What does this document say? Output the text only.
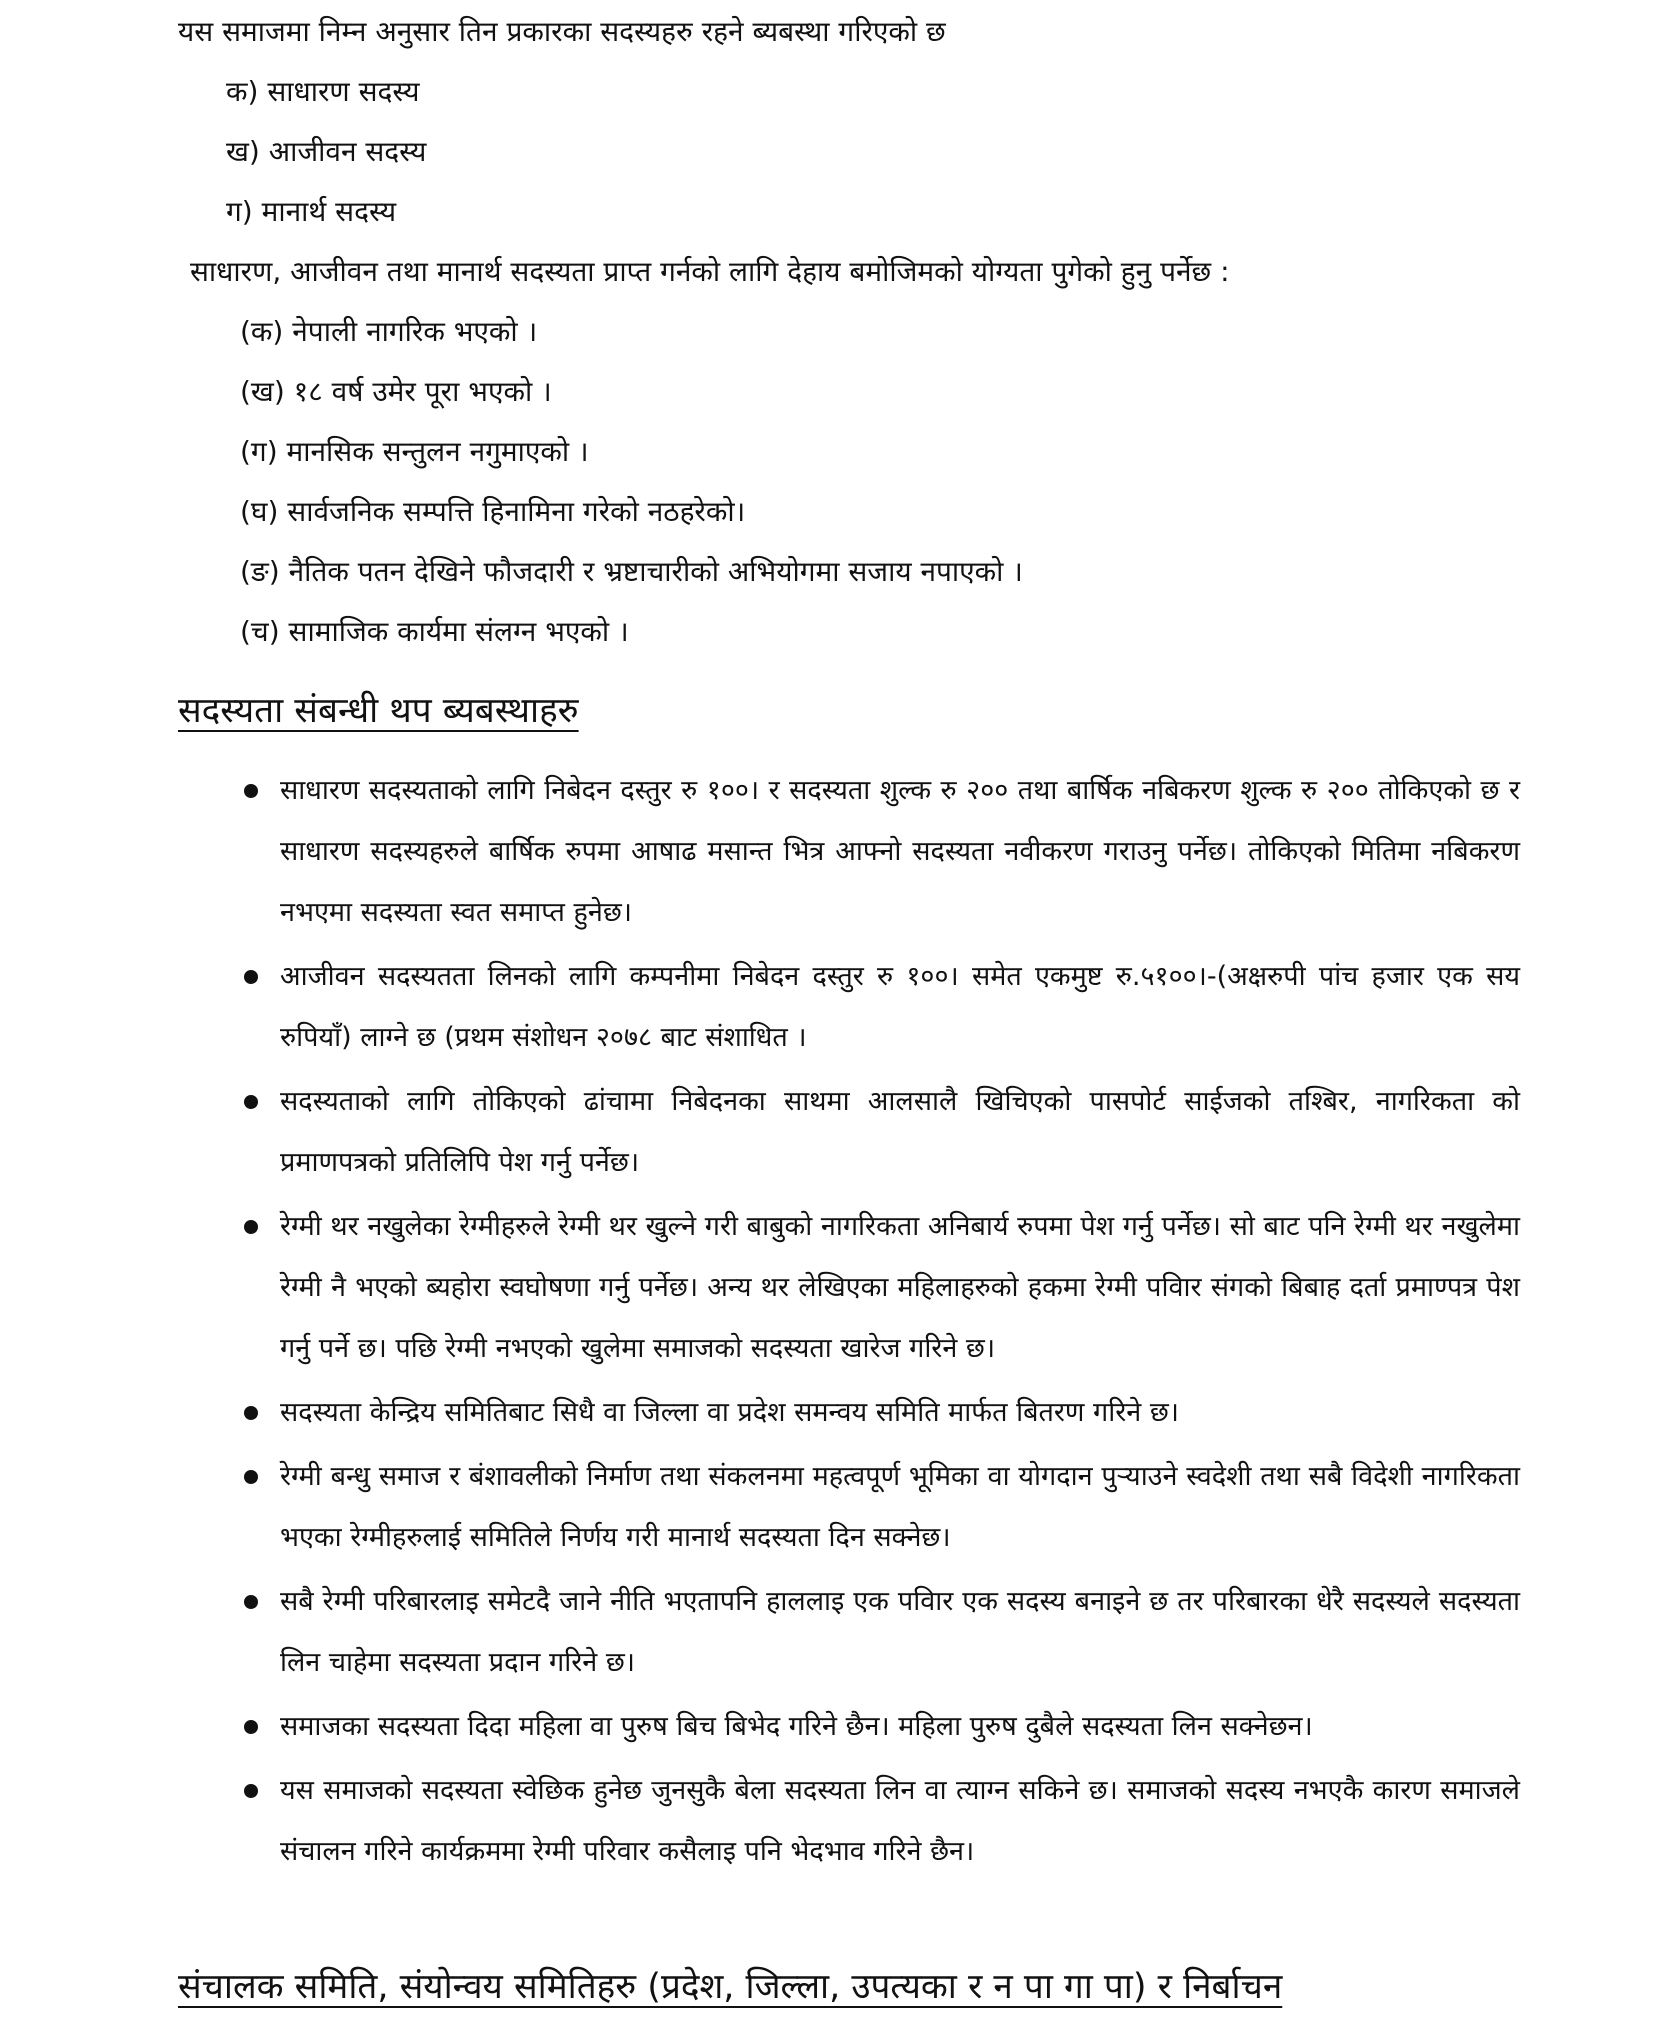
यस समाजमा निम्न अनुसार तिन प्रकारका सदस्यहरु रहने ब्यबस्था गरिएको छ
क) साधारण सदस्य
ख) आजीवन सदस्य
ग) मानार्थ सदस्य
साधारण, आजीवन तथा मानार्थ सदस्यता प्राप्त गर्नको लागि देहाय बमोजिमको योग्यता पुगेको हुनु पर्नेछ :
(क) नेपाली नागरिक भएको ।
(ख) १८ वर्ष उमेर पूरा भएको ।
(ग) मानसिक सन्तुलन नगुमाएको ।
(घ) सार्वजनिक सम्पत्ति हिनामिना गरेको नठहरेको।
(ङ) नैतिक पतन देखिने फौजदारी र भ्रष्टाचारीको अभियोगमा सजाय नपाएको ।
(च) सामाजिक कार्यमा संलग्न भएको ।
सदस्यता संबन्धी थप ब्यबस्थाहरु
साधारण सदस्यताको लागि निबेदन दस्तुर रु १००। र सदस्यता शुल्क रु २०० तथा बार्षिक नबिकरण शुल्क रु २०० तोकिएको छ र साधारण सदस्यहरुले बार्षिक रुपमा आषाढ मसान्त भित्र आफ्नो सदस्यता नवीकरण गराउनु पर्नेछ। तोकिएको मितिमा नबिकरण नभएमा सदस्यता स्वत समाप्त हुनेछ।
आजीवन सदस्यतता लिनको लागि कम्पनीमा निबेदन दस्तुर रु १००। समेत एकमुष्ट रु.५१००।-(अक्षरुपी पांच हजार एक सय रुपियाँ) लाग्ने छ (प्रथम संशोधन २०७८ बाट संशाधित ।
सदस्यताको लागि तोकिएको ढांचामा निबेदनका साथमा आलसालै खिचिएको पासपोर्ट साईजको तश्बिर, नागरिकता को प्रमाणपत्रको प्रतिलिपि पेश गर्नु पर्नेछ।
रेग्मी थर नखुलेका रेग्मीहरुले रेग्मी थर खुल्ने गरी बाबुको नागरिकता अनिबार्य रुपमा पेश गर्नु पर्नेछ। सो बाट पनि रेग्मी थर नखुलेमा रेग्मी नै भएको ब्यहोरा स्वघोषणा गर्नु पर्नेछ। अन्य थर लेखिएका महिलाहरुको हकमा रेग्मी पविार संगको बिबाह दर्ता प्रमाण्पत्र पेश गर्नु पर्ने छ। पछि रेग्मी नभएको खुलेमा समाजको सदस्यता खारेज गरिने छ।
सदस्यता केन्द्रिय समितिबाट सिधै वा जिल्ला वा प्रदेश समन्वय समिति मार्फत बितरण गरिने छ।
रेग्मी बन्धु समाज र बंशावलीको निर्माण तथा संकलनमा महत्वपूर्ण भूमिका वा योगदान पुऱ्याउने स्वदेशी तथा सबै विदेशी नागरिकता भएका रेग्मीहरुलाई समितिले निर्णय गरी मानार्थ सदस्यता दिन सक्नेछ।
सबै रेग्मी परिबारलाइ समेटदै जाने नीति भएतापनि हाललाइ एक पविार एक सदस्य बनाइने छ तर परिबारका धेरै सदस्यले सदस्यता लिन चाहेमा सदस्यता प्रदान गरिने छ।
समाजका सदस्यता दिदा महिला वा पुरुष बिच बिभेद गरिने छैन। महिला पुरुष दुबैले सदस्यता लिन सक्नेछन।
यस समाजको सदस्यता स्वेछिक हुनेछ जुनसुकै बेला सदस्यता लिन वा त्याग्न सकिने छ। समाजको सदस्य नभएकै कारण समाजले संचालन गरिने कार्यक्रममा रेग्मी परिवार कसैलाइ पनि भेदभाव गरिने छैन।
संचालक समिति, संयोन्वय समितिहरु (प्रदेश, जिल्ला, उपत्यका र न पा गा पा) र निर्बाचन
